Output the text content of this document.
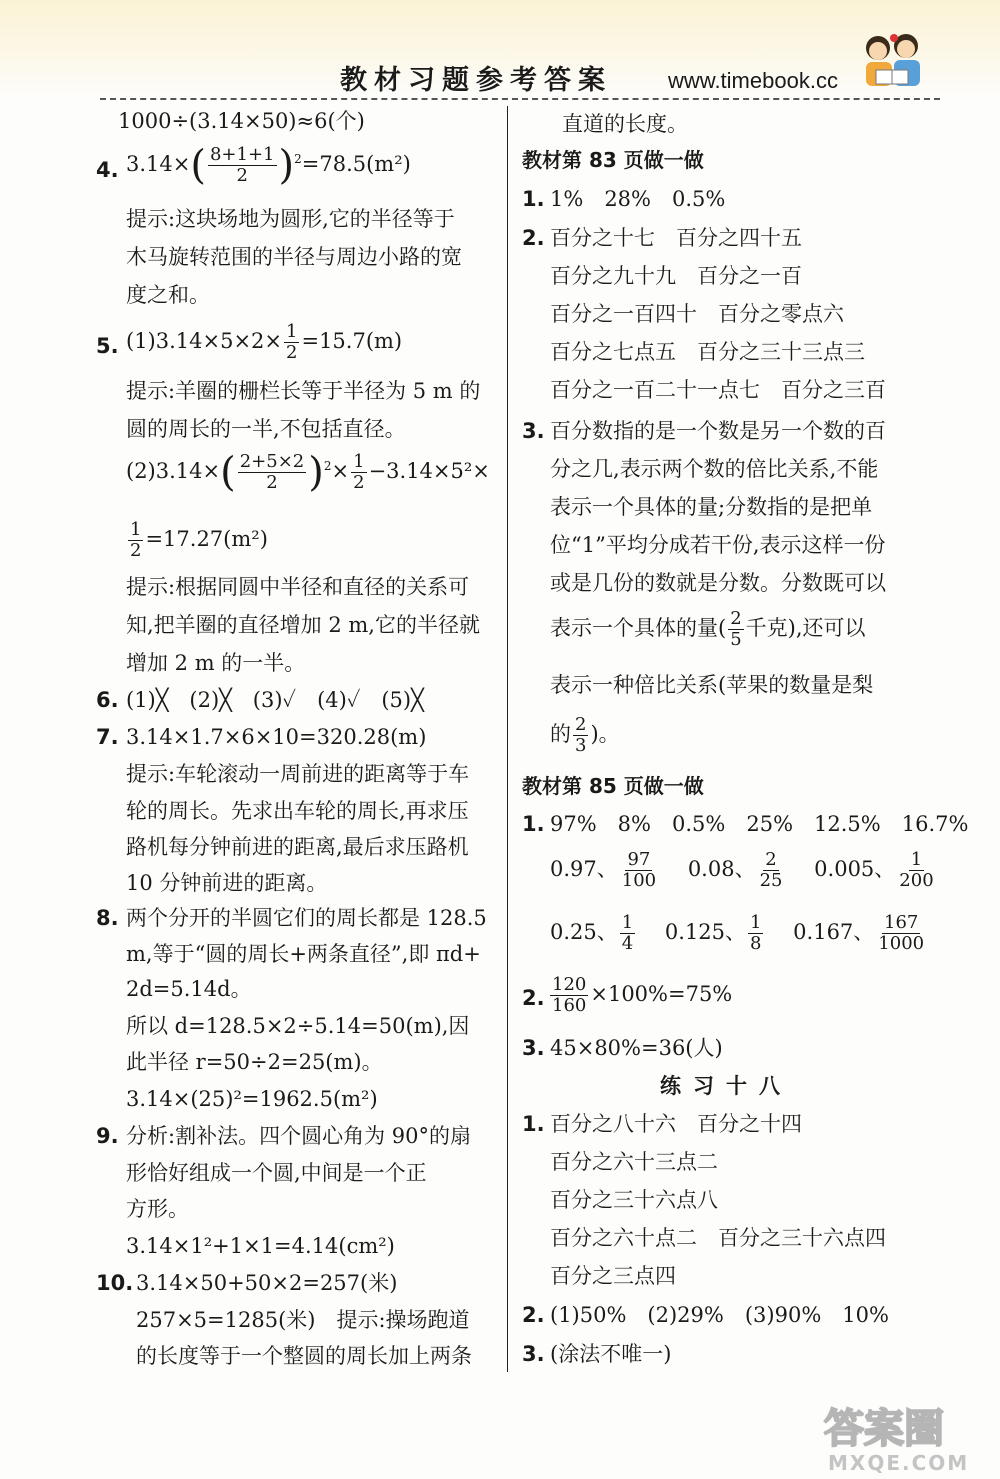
教材习题参考答案	www.timebook.cc
1000÷(3.14×50)≈6(个)
4. $3.14\times( \frac{8+1+1}{2} )^2=78.5(m^2)$
提示:这块场地为圆形,它的半径等于
木马旋转范围的半径与周边小路的宽
度之和。
5. $(1)3.14\times 5\times 2\times \frac{1}{2} =15.7(m)$
提示:羊圈的栅栏长等于半径为 5 m 的
圆的周长的一半,不包括直径。
$(2)3.14\times( \frac{2+5\times 2}{2} )^2\times \frac{1}{2} -3.14\times 5^2\times$
$\frac{1}{2} =17.27(m^2)$
提示:根据同圆中半径和直径的关系可
知,把羊圈的直径增加 2 m,它的半径就
增加 2 m 的一半。
6. (1)╳　(2)╳　(3)✓　(4)✓　(5)╳
7. 3.14×1.7×6×10=320.28(m)
提示:车轮滚动一周前进的距离等于车
轮的周长。先求出车轮的周长,再求压
路机每分钟前进的距离,最后求压路机
10 分钟前进的距离。
8. 两个分开的半圆它们的周长都是 128.5
m,等于“圆的周长+两条直径”,即 πd+
2d=5.14d。
所以 d=128.5×2÷5.14=50(m),因
此半径 r=50÷2=25(m)。
3.14×(25)²=1962.5(m²)
9. 分析:割补法。四个圆心角为 90°的扇
形恰好组成一个圆,中间是一个正
方形。
3.14×1²+1×1=4.14(cm²)
10. 3.14×50+50×2=257(米)
257×5=1285(米)　提示:操场跑道
的长度等于一个整圆的周长加上两条
直道的长度。
教材第 83 页做一做
1. 1%　28%　0.5%
2. 百分之十七　百分之四十五
百分之九十九　百分之一百
百分之一百四十　百分之零点六
百分之七点五　百分之三十三点三
百分之一百二十一点七　百分之三百
3. 百分数指的是一个数是另一个数的百
分之几,表示两个数的倍比关系,不能
表示一个具体的量;分数指的是把单
位“1”平均分成若干份,表示这样一份
或是几份的数就是分数。分数既可以
表示一个具体的量( $\frac{2}{5}$ 千克),还可以
表示一种倍比关系(苹果的数量是梨
的 $\frac{2}{3}$ )。
教材第 85 页做一做
1. 97%　8%　0.5%　25%　12.5%　16.7%
0.97、 $\frac{97}{100}$
　 0.08、 $\frac{2}{25}$
　 0.005、 $\frac{1}{200}$
0.25、 $\frac{1}{4}$
　 0.125、 $\frac{1}{8}$
　 0.167、 $\frac{167}{1000}$
2. $\frac{120}{160} \times 100\%=75\%$
3. 45×80%=36(人)
练习十八
1. 百分之八十六　百分之十四
百分之六十三点二
百分之三十六点八
百分之六十点二　百分之三十六点四
百分之三点四
2. (1)50%　(2)29%　(3)90%　10%
3. (涂法不唯一)
答案圈
MXQE.COM
